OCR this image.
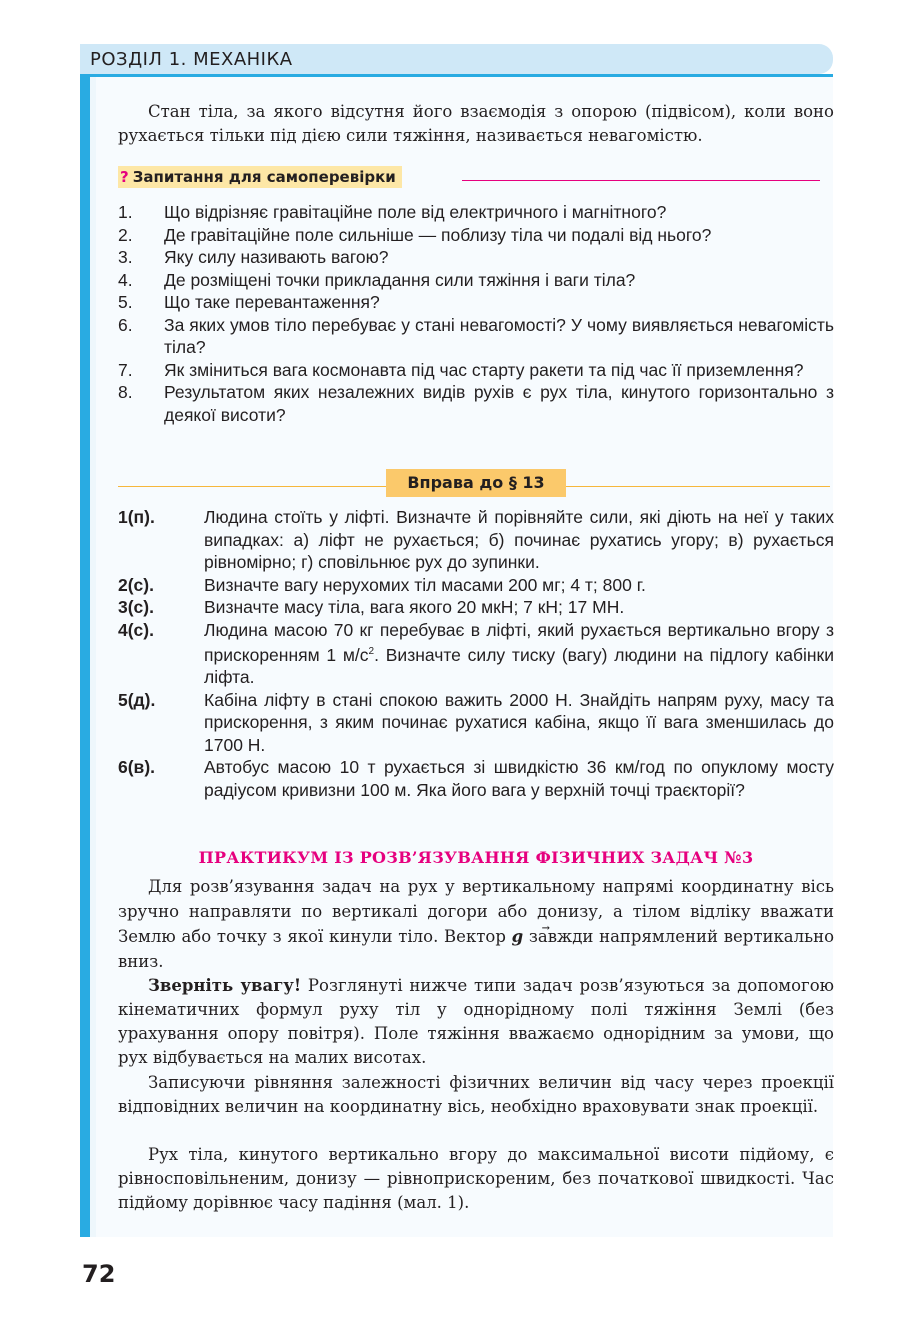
РОЗДІЛ 1. МЕХАНІКА

Стан тіла, за якого відсутня його взаємодія з опорою (підвісом), коли воно рухається тільки під дією сили тяжіння, називається невагомістю.

? Запитання для самоперевірки
1.	Що відрізняє гравітаційне поле від електричного і магнітного?
2.	Де гравітаційне поле сильніше — поблизу тіла чи подалі від нього?
3.	Яку силу називають вагою?
4.	Де розміщені точки прикладання сили тяжіння і ваги тіла?
5.	Що таке перевантаження?
6.	За яких умов тіло перебуває у стані невагомості? У чому виявляється невагомість тіла?
7.	Як зміниться вага космонавта під час старту ракети та під час її приземлення?
8.	Результатом яких незалежних видів рухів є рух тіла, кинутого горизонтально з деякої висоти?
Вправа до § 13
1(п).	Людина стоїть у ліфті. Визначте й порівняйте сили, які діють на неї у таких випадках: а) ліфт не рухається; б) починає рухатись угору; в) рухається рівномірно; г) сповільнює рух до зупинки.
2(с).	Визначте вагу нерухомих тіл масами 200 мг; 4 т; 800 г.
3(с).	Визначте масу тіла, вага якого 20 мкН; 7 кН; 17 МН.
4(с).	Людина масою 70 кг перебуває в ліфті, який рухається вертикально вгору з прискоренням 1 $м/с^2$. Визначте силу тиску (вагу) людини на підлогу кабінки ліфта.
5(д).	Кабіна ліфту в стані спокою важить 2000 Н. Знайдіть напрям руху, масу та прискорення, з яким починає рухатися кабіна, якщо її вага зменшилась до 1700 Н.
6(в).	Автобус масою 10 т рухається зі швидкістю 36 км/год по опуклому мосту радіусом кривизни 100 м. Яка його вага у верхній точці траєкторії?
ПРАКТИКУМ ІЗ РОЗВ’ЯЗУВАННЯ ФІЗИЧНИХ ЗАДАЧ №3

Для розв’язування задач на рух у вертикальному напрямі координатну вісь зручно направляти по вертикалі догори або донизу, а тілом відліку вважати Землю або точку з якої кинули тіло. Вектор → g завжди напрямлений вертикально вниз.

Зверніть увагу! Розглянуті нижче типи задач розв’язуються за допомогою кінематичних формул руху тіл у однорідному полі тяжіння Землі (без урахування опору повітря). Поле тяжіння вважаємо однорідним за умови, що рух відбувається на малих висотах.

Записуючи рівняння залежності фізичних величин від часу через проекції відповідних величин на координатну вісь, необхідно враховувати знак проекції.

Рух тіла, кинутого вертикально вгору до максимальної висоти підйому, є рівносповільненим, донизу — рівноприскореним, без початкової швидкості. Час підйому дорівнює часу падіння (мал. 1).

72
